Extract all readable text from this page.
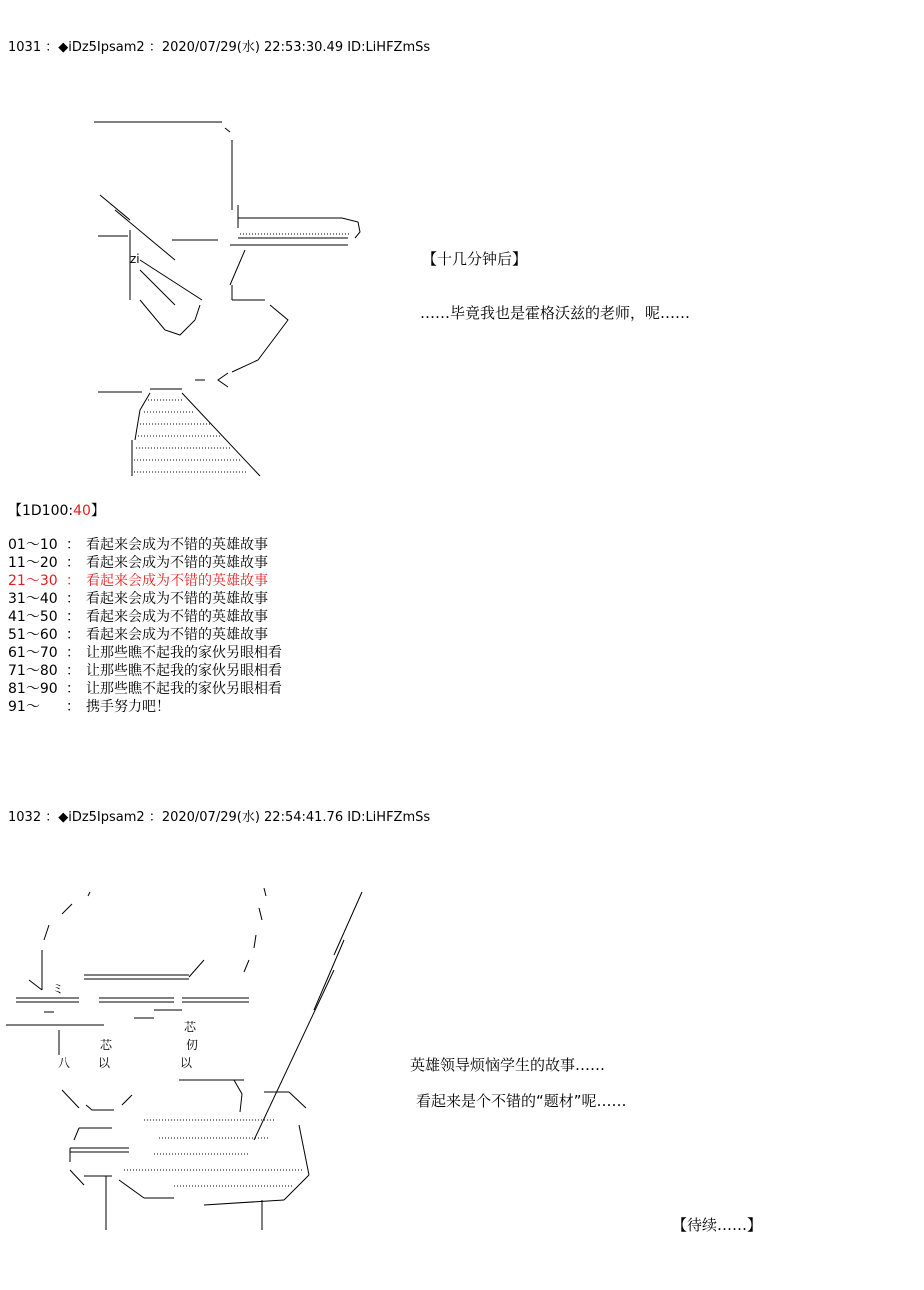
1031 ：◆iDz5Ipsam2 ：2020/07/29(水) 22:53:30.49 ID:LiHFZmSs
zi	【十几分钟后】
……毕竟我也是霍格沃兹的老师，呢……
【1D100:40】
01～10 ： 看起来会成为不错的英雄故事
11～20 ： 看起来会成为不错的英雄故事
21～30 ： 看起来会成为不错的英雄故事
31～40 ： 看起来会成为不错的英雄故事
41～50 ： 看起来会成为不错的英雄故事
51～60 ： 看起来会成为不错的英雄故事
61～70 ： 让那些瞧不起我的家伙另眼相看
71～80 ： 让那些瞧不起我的家伙另眼相看
81～90 ： 让那些瞧不起我的家伙另眼相看
91～	： 携手努力吧！
1032 ：◆iDz5Ipsam2 ：2020/07/29(水) 22:54:41.76 ID:LiHFZmSs
芯
芯	仞
以	以
八
ミ
英雄领导烦恼学生的故事……
看起来是个不错的“题材”呢……
【待续……】
